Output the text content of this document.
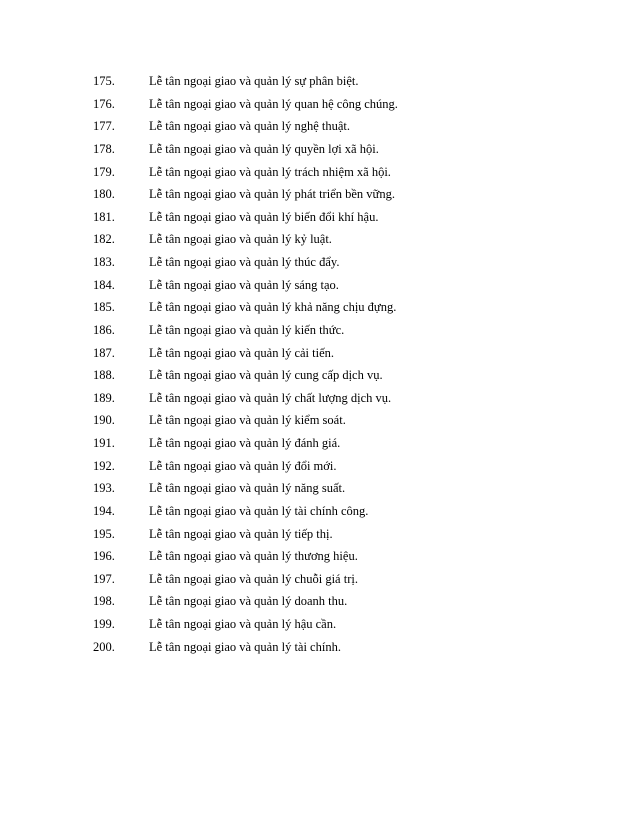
175.	Lễ tân ngoại giao và quản lý sự phân biệt.
176.	Lễ tân ngoại giao và quản lý quan hệ công chúng.
177.	Lễ tân ngoại giao và quản lý nghệ thuật.
178.	Lễ tân ngoại giao và quản lý quyền lợi xã hội.
179.	Lễ tân ngoại giao và quản lý trách nhiệm xã hội.
180.	Lễ tân ngoại giao và quản lý phát triển bền vững.
181.	Lễ tân ngoại giao và quản lý biến đổi khí hậu.
182.	Lễ tân ngoại giao và quản lý kỷ luật.
183.	Lễ tân ngoại giao và quản lý thúc đẩy.
184.	Lễ tân ngoại giao và quản lý sáng tạo.
185.	Lễ tân ngoại giao và quản lý khả năng chịu đựng.
186.	Lễ tân ngoại giao và quản lý kiến thức.
187.	Lễ tân ngoại giao và quản lý cải tiến.
188.	Lễ tân ngoại giao và quản lý cung cấp dịch vụ.
189.	Lễ tân ngoại giao và quản lý chất lượng dịch vụ.
190.	Lễ tân ngoại giao và quản lý kiểm soát.
191.	Lễ tân ngoại giao và quản lý đánh giá.
192.	Lễ tân ngoại giao và quản lý đổi mới.
193.	Lễ tân ngoại giao và quản lý năng suất.
194.	Lễ tân ngoại giao và quản lý tài chính công.
195.	Lễ tân ngoại giao và quản lý tiếp thị.
196.	Lễ tân ngoại giao và quản lý thương hiệu.
197.	Lễ tân ngoại giao và quản lý chuỗi giá trị.
198.	Lễ tân ngoại giao và quản lý doanh thu.
199.	Lễ tân ngoại giao và quản lý hậu cần.
200.	Lễ tân ngoại giao và quản lý tài chính.
